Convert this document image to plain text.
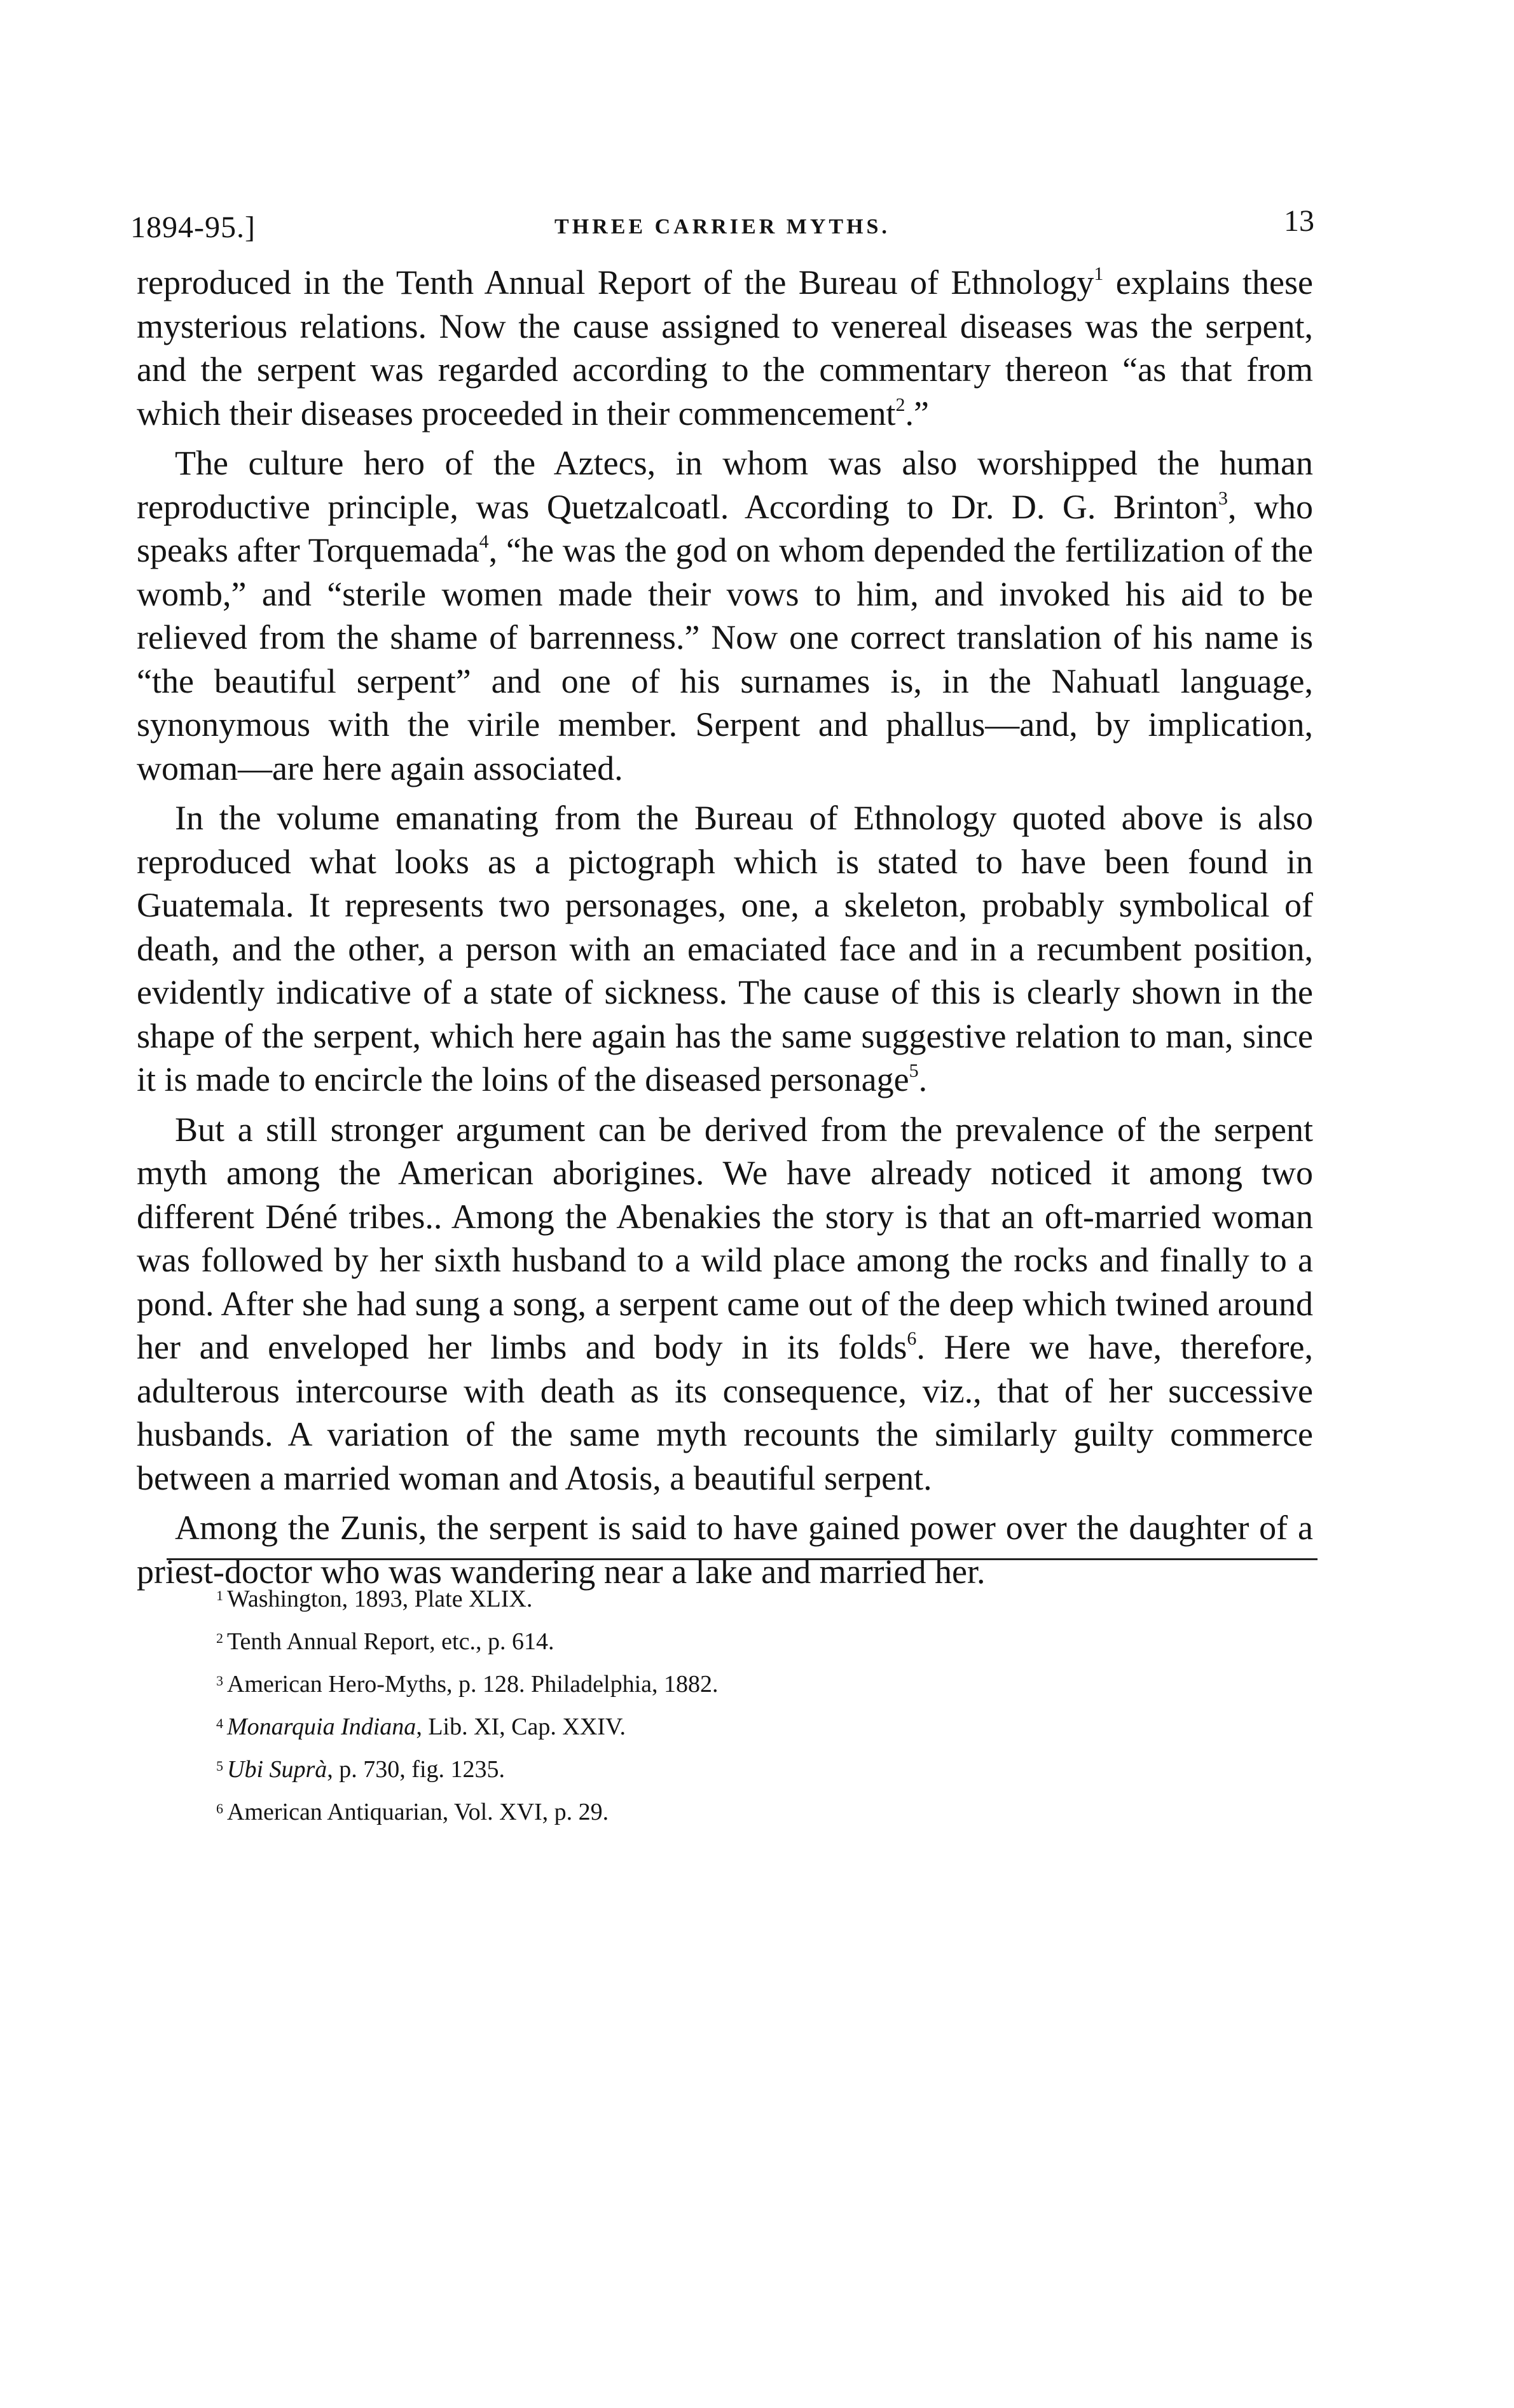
1894-95.]	THREE CARRIER MYTHS.	13

reproduced in the Tenth Annual Report of the Bureau of Ethnology$^1$ explains these mysterious relations. Now the cause assigned to venereal diseases was the serpent, and the serpent was regarded according to the commentary thereon “as that from which their diseases proceeded in their commencement$^2$.”

The culture hero of the Aztecs, in whom was also worshipped the human reproductive principle, was Quetzalcoatl. According to Dr. D. G. Brinton$^3$, who speaks after Torquemada$^4$, “he was the god on whom depended the fertilization of the womb,” and “sterile women made their vows to him, and invoked his aid to be relieved from the shame of barrenness.” Now one correct translation of his name is “the beautiful serpent” and one of his surnames is, in the Nahuatl language, synonymous with the virile member. Serpent and phallus—and, by implication, woman—are here again associated.

In the volume emanating from the Bureau of Ethnology quoted above is also reproduced what looks as a pictograph which is stated to have been found in Guatemala. It represents two personages, one, a skeleton, probably symbolical of death, and the other, a person with an emaciated face and in a recumbent position, evidently indicative of a state of sickness. The cause of this is clearly shown in the shape of the serpent, which here again has the same suggestive relation to man, since it is made to encircle the loins of the diseased personage$^5$.

But a still stronger argument can be derived from the prevalence of the serpent myth among the American aborigines. We have already noticed it among two different Déné tribes.. Among the Abenakies the story is that an oft-married woman was followed by her sixth husband to a wild place among the rocks and finally to a pond. After she had sung a song, a serpent came out of the deep which twined around her and enveloped her limbs and body in its folds$^6$. Here we have, therefore, adulterous intercourse with death as its consequence, viz., that of her successive husbands. A variation of the same myth recounts the similarly guilty commerce between a married woman and Atosis, a beautiful serpent.

Among the Zunis, the serpent is said to have gained power over the daughter of a priest-doctor who was wandering near a lake and married her.

$^1$ Washington, 1893, Plate XLIX.
$^2$ Tenth Annual Report, etc., p. 614.
$^3$ American Hero-Myths, p. 128. Philadelphia, 1882.
$^4$ Monarquia Indiana, Lib. XI, Cap. XXIV.
$^5$ Ubi Suprà, p. 730, fig. 1235.
$^6$ American Antiquarian, Vol. XVI, p. 29.
